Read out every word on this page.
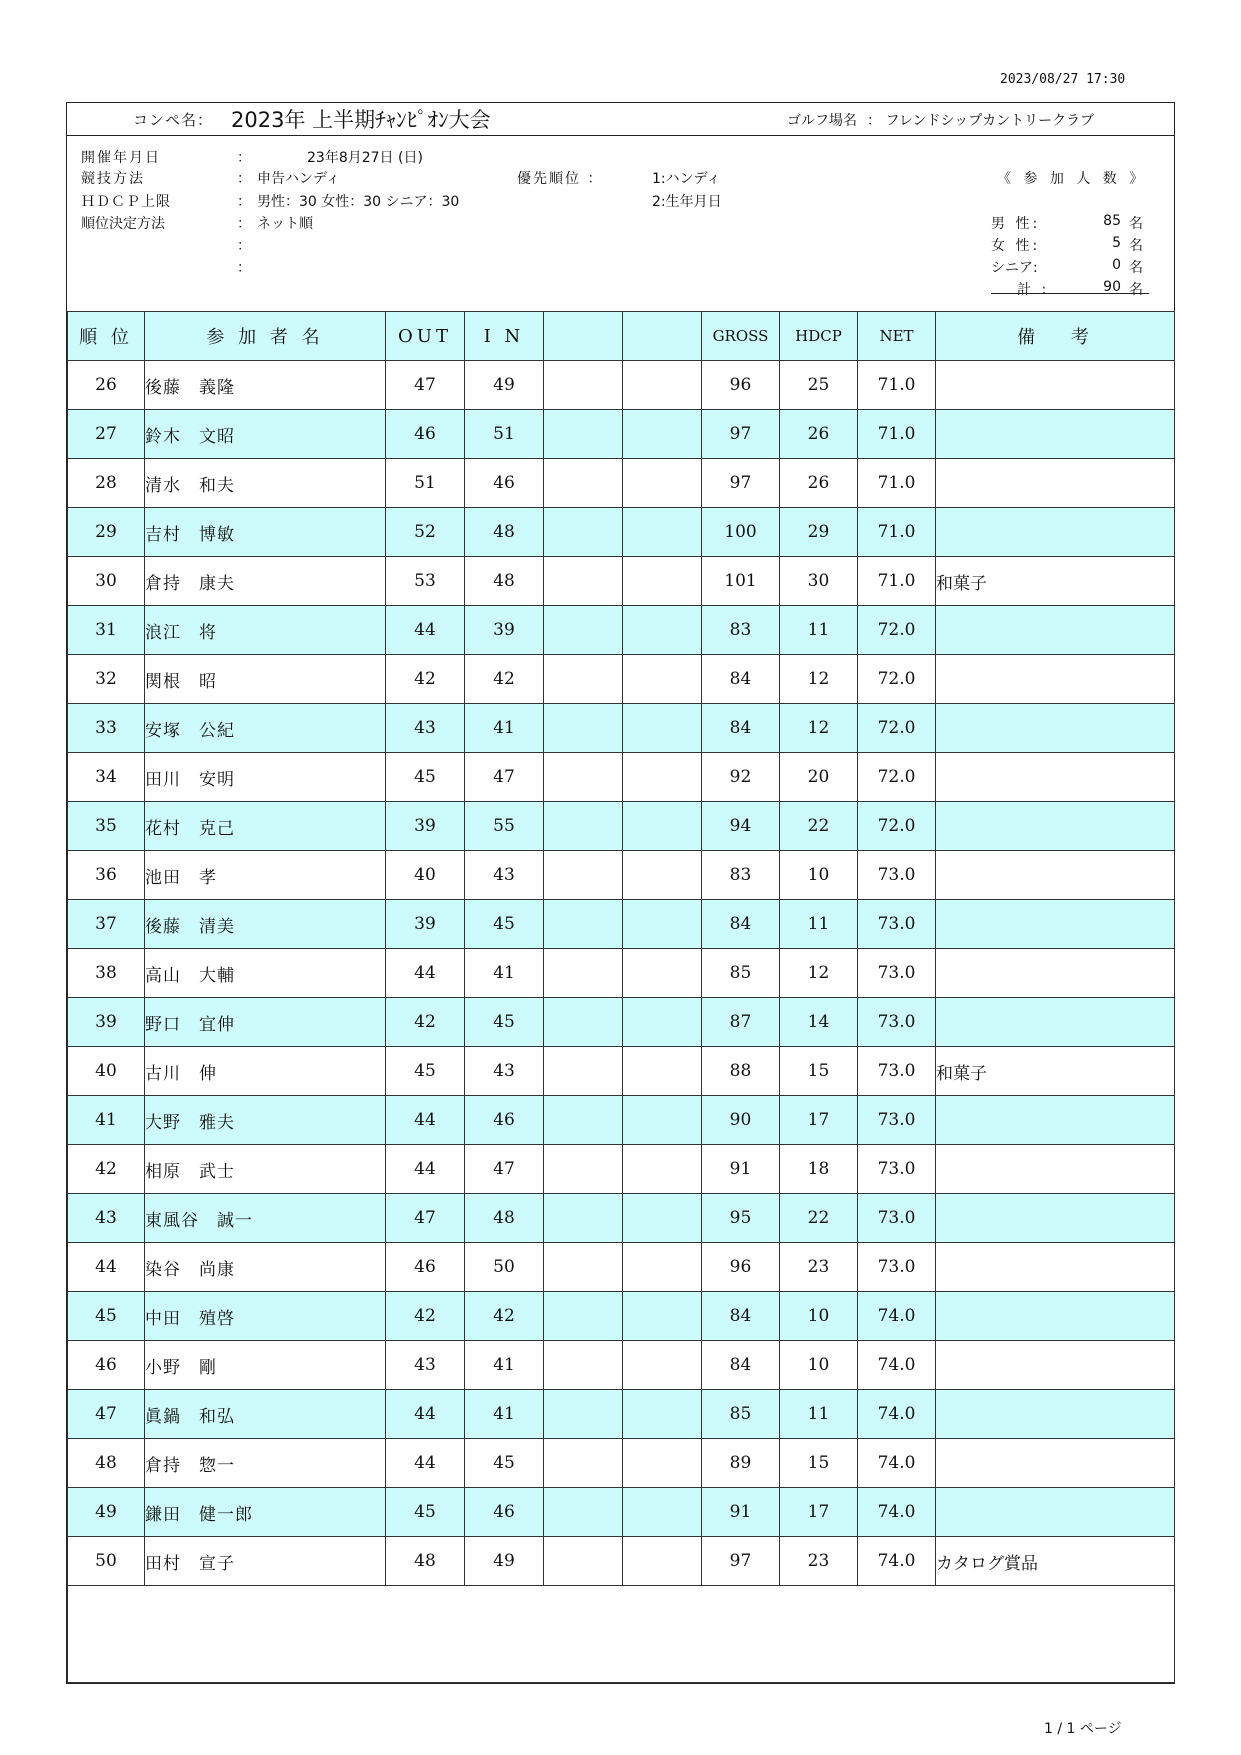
2023/08/27 17:30
コンペ名： 2023年 上半期ﾁｬﾝﾋﾟｵﾝ大会	ゴルフ場名 ： フレンドシップカントリークラブ
開催年月日	：	23年8月27日 (日)
競技方法	： 申告ハンディ
ＨＤＣＰ上限	： 男性：30 女性：30 シニア：30
順位決定方法	： ネット順
：
：
優先順位 ：	1:ハンディ
2:生年月日
《 参 加 人 数 》
男 性:	85 名
女 性:	5 名
シニア:	0 名
計 :	90 名
順 位	参 加 者 名	OUT	I N			GROSS	HDCP	NET	備　 考
26	後藤　義隆	47	49			96	25	71.0	
27	鈴木　文昭	46	51			97	26	71.0	
28	清水　和夫	51	46			97	26	71.0	
29	吉村　博敏	52	48			100	29	71.0	
30	倉持　康夫	53	48			101	30	71.0	和菓子
31	浪江　将	44	39			83	11	72.0	
32	関根　昭	42	42			84	12	72.0	
33	安塚　公紀	43	41			84	12	72.0	
34	田川　安明	45	47			92	20	72.0	
35	花村　克己	39	55			94	22	72.0	
36	池田　孝	40	43			83	10	73.0	
37	後藤　清美	39	45			84	11	73.0	
38	高山　大輔	44	41			85	12	73.0	
39	野口　宜伸	42	45			87	14	73.0	
40	古川　伸	45	43			88	15	73.0	和菓子
41	大野　雅夫	44	46			90	17	73.0	
42	相原　武士	44	47			91	18	73.0	
43	東風谷　誠一	47	48			95	22	73.0	
44	染谷　尚康	46	50			96	23	73.0	
45	中田　殖啓	42	42			84	10	74.0	
46	小野　剛	43	41			84	10	74.0	
47	眞鍋　和弘	44	41			85	11	74.0	
48	倉持　惣一	44	45			89	15	74.0	
49	鎌田　健一郎	45	46			91	17	74.0	
50	田村　宣子	48	49			97	23	74.0	カタログ賞品

1 / 1 ページ
